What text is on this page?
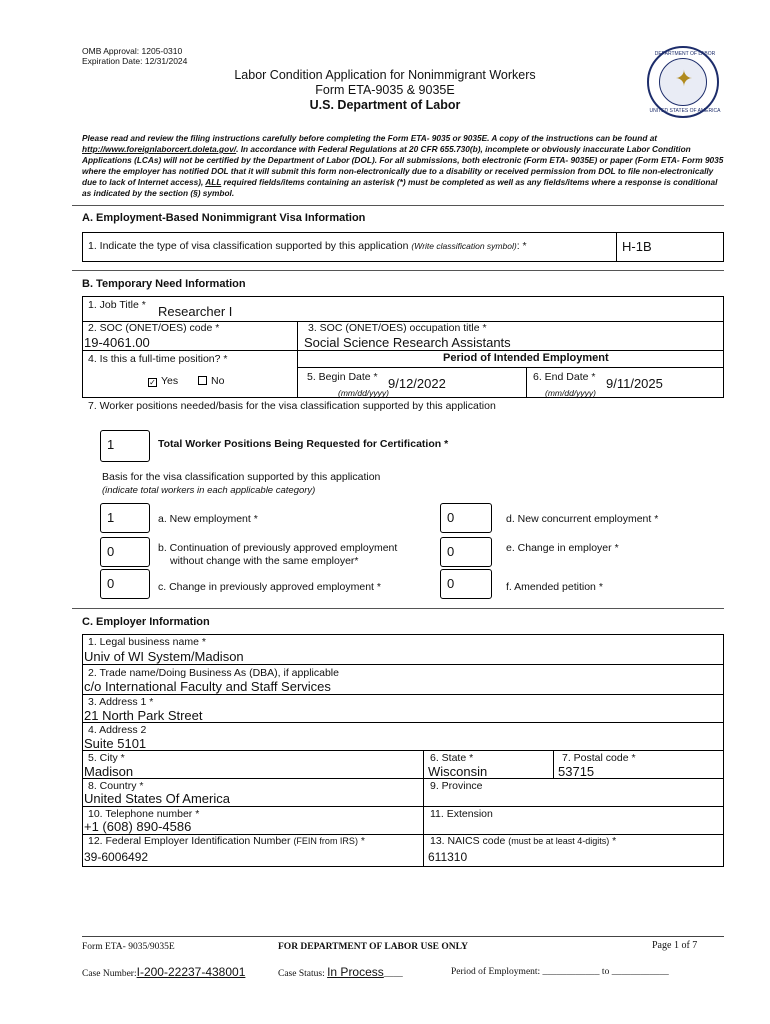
OMB Approval: 1205-0310
Expiration Date: 12/31/2024
Labor Condition Application for Nonimmigrant Workers
Form ETA-9035 & 9035E
U.S. Department of Labor
DEPARTMENT OF LABOR
✦
UNITED STATES OF AMERICA
Please read and review the filing instructions carefully before completing the Form ETA- 9035 or 9035E. A copy of the instructions can be found at http://www.foreignlaborcert.doleta.gov/. In accordance with Federal Regulations at 20 CFR 655.730(b), incomplete or obviously inaccurate Labor Condition Applications (LCAs) will not be certified by the Department of Labor (DOL). For all submissions, both electronic (Form ETA- 9035E) or paper (Form ETA- Form 9035 where the employer has notified DOL that it will submit this form non-electronically due to a disability or received permission from DOL to file non-electronically due to lack of Internet access), ALL required fields/items containing an asterisk (*) must be completed as well as any fields/items where a response is conditional as indicated by the section (§) symbol.
A. Employment-Based Nonimmigrant Visa Information
1. Indicate the type of visa classification supported by this application (Write classification symbol): *	H-1B
B. Temporary Need Information
1. Job Title * Researcher I
2. SOC (ONET/OES) code *
19-4061.00
3. SOC (ONET/OES) occupation title *
Social Science Research Assistants
4. Is this a full-time position? *
✓ Yes	No
Period of Intended Employment
5. Begin Date * 9/12/2022
(mm/dd/yyyy)
6. End Date * 9/11/2025
(mm/dd/yyyy)
7. Worker positions needed/basis for the visa classification supported by this application
1	Total Worker Positions Being Requested for Certification *
Basis for the visa classification supported by this application
(indicate total workers in each applicable category)
1	a. New employment *
0	b. Continuation of previously approved employment
without change with the same employer*
0	c. Change in previously approved employment *
0	d. New concurrent employment *
0	e. Change in employer *
0	f. Amended petition *
C. Employer Information
1. Legal business name *
Univ of WI System/Madison
2. Trade name/Doing Business As (DBA), if applicable
c/o International Faculty and Staff Services
3. Address 1 *
21 North Park Street
4. Address 2
Suite 5101
5. City *
Madison
6. State *
Wisconsin
7. Postal code *
53715
8. Country *
United States Of America
9. Province
10. Telephone number *
+1 (608) 890-4586
11. Extension
12. Federal Employer Identification Number (FEIN from IRS) *
39-6006492
13. NAICS code (must be at least 4-digits) *
611310
Form ETA- 9035/9035E	FOR DEPARTMENT OF LABOR USE ONLY	Page 1 of 7
Case Number:I-200-22237-438001	Case Status: In Process____	Period of Employment: ____________ to ____________
